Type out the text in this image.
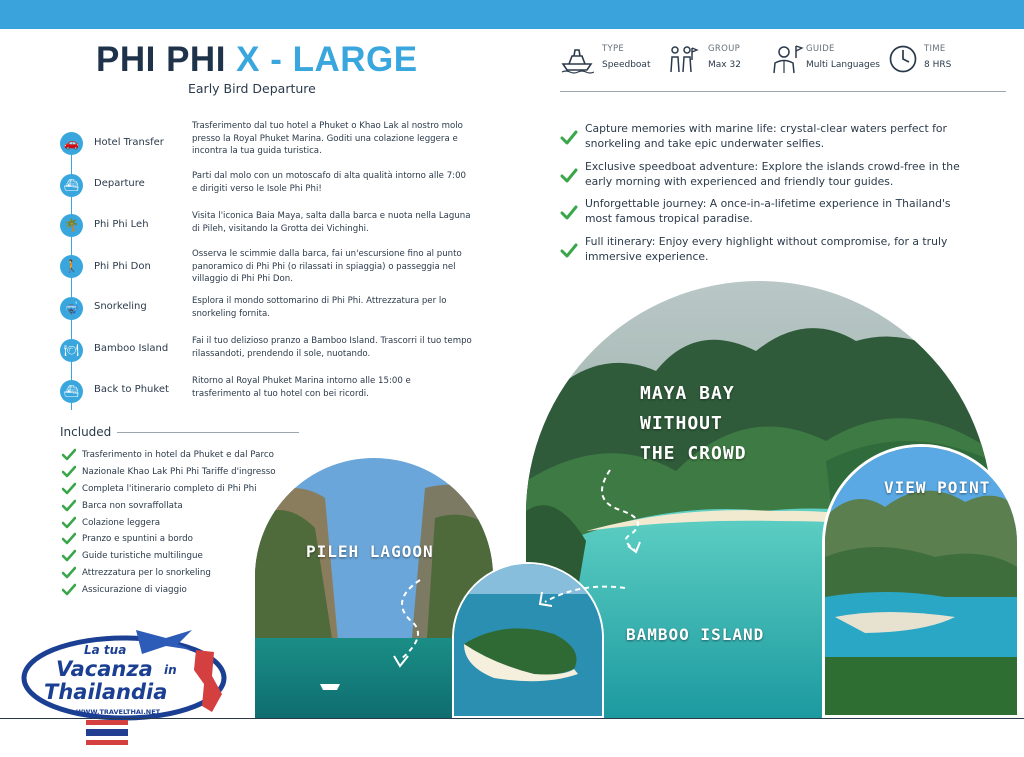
PHI PHI X - LARGE
Early Bird Departure
TYPE
Speedboat
GROUP
Max 32
GUIDE
Multi Languages
TIME
8 HRS
🚗	Hotel Transfer
Trasferimento dal tuo hotel a Phuket o Khao Lak al nostro molo presso la Royal Phuket Marina. Goditi una colazione leggera e incontra la tua guida turistica.
⛴	Departure
Parti dal molo con un motoscafo di alta qualità intorno alle 7:00 e dirigiti verso le Isole Phi Phi!
🌴	Phi Phi Leh
Visita l'iconica Baia Maya, salta dalla barca e nuota nella Laguna di Pileh, visitando la Grotta dei Vichinghi.
🚶	Phi Phi Don
Osserva le scimmie dalla barca, fai un'escursione fino al punto panoramico di Phi Phi (o rilassati in spiaggia) o passeggia nel villaggio di Phi Phi Don.
🤿	Snorkeling	Esplora il mondo sottomarino di Phi Phi. Attrezzatura per lo snorkeling fornita.
🍽	Bamboo Island
Fai il tuo delizioso pranzo a Bamboo Island. Trascorri il tuo tempo rilassandoti, prendendo il sole, nuotando.
⛴	Back to Phuket
Ritorno al Royal Phuket Marina intorno alle 15:00 e trasferimento al tuo hotel con bei ricordi.
Included
Trasferimento in hotel da Phuket e dal Parco
Nazionale Khao Lak Phi Phi Tariffe d'ingresso
Completa l'itinerario completo di Phi Phi
Barca non sovraffollata
Colazione leggera
Pranzo e spuntini a bordo
Guide turistiche multilingue
Attrezzatura per lo snorkeling
Assicurazione di viaggio
Capture memories with marine life: crystal-clear waters perfect for snorkeling and take epic underwater selfies.
Exclusive speedboat adventure: Explore the islands crowd-free in the early morning with experienced and friendly tour guides.
Unforgettable journey: A once-in-a-lifetime experience in Thailand's most famous tropical paradise.
Full itinerary: Enjoy every highlight without compromise, for a truly immersive experience.
MAYA BAY
WITHOUT
THE CROWD
PILEH LAGOON
BAMBOO ISLAND
VIEW POINT
La tua
Vacanza in
Thailandia
WWW.TRAVELTHAI.NET
